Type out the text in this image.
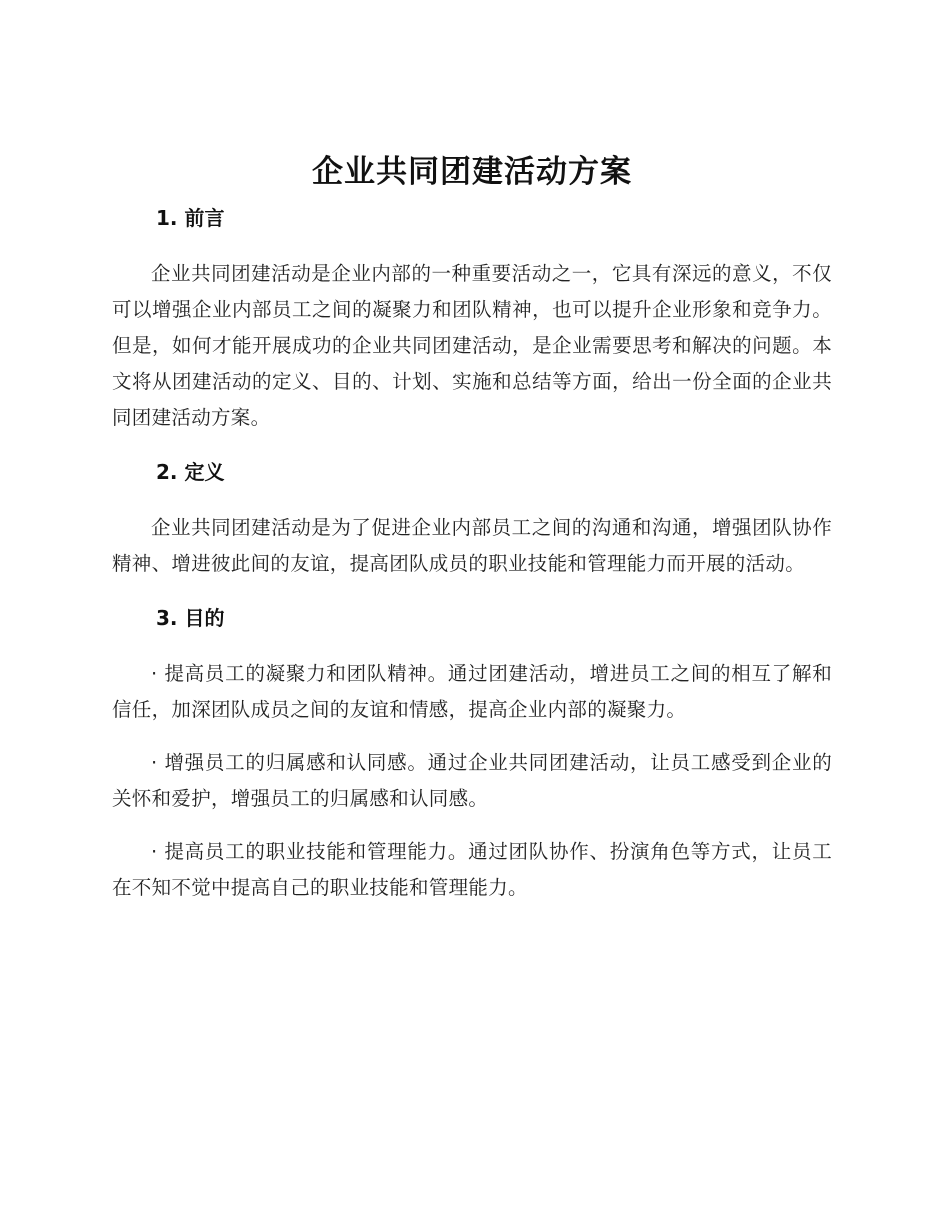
企业共同团建活动方案
1. 前言

企业共同团建活动是企业内部的一种重要活动之一，它具有深远的意义，不仅可以增强企业内部员工之间的凝聚力和团队精神，也可以提升企业形象和竞争力。但是，如何才能开展成功的企业共同团建活动，是企业需要思考和解决的问题。本文将从团建活动的定义、目的、计划、实施和总结等方面，给出一份全面的企业共同团建活动方案。

2. 定义

企业共同团建活动是为了促进企业内部员工之间的沟通和沟通，增强团队协作精神、增进彼此间的友谊，提高团队成员的职业技能和管理能力而开展的活动。

3. 目的

· 提高员工的凝聚力和团队精神。通过团建活动，增进员工之间的相互了解和信任，加深团队成员之间的友谊和情感，提高企业内部的凝聚力。

· 增强员工的归属感和认同感。通过企业共同团建活动，让员工感受到企业的关怀和爱护，增强员工的归属感和认同感。

· 提高员工的职业技能和管理能力。通过团队协作、扮演角色等方式，让员工在不知不觉中提高自己的职业技能和管理能力。
